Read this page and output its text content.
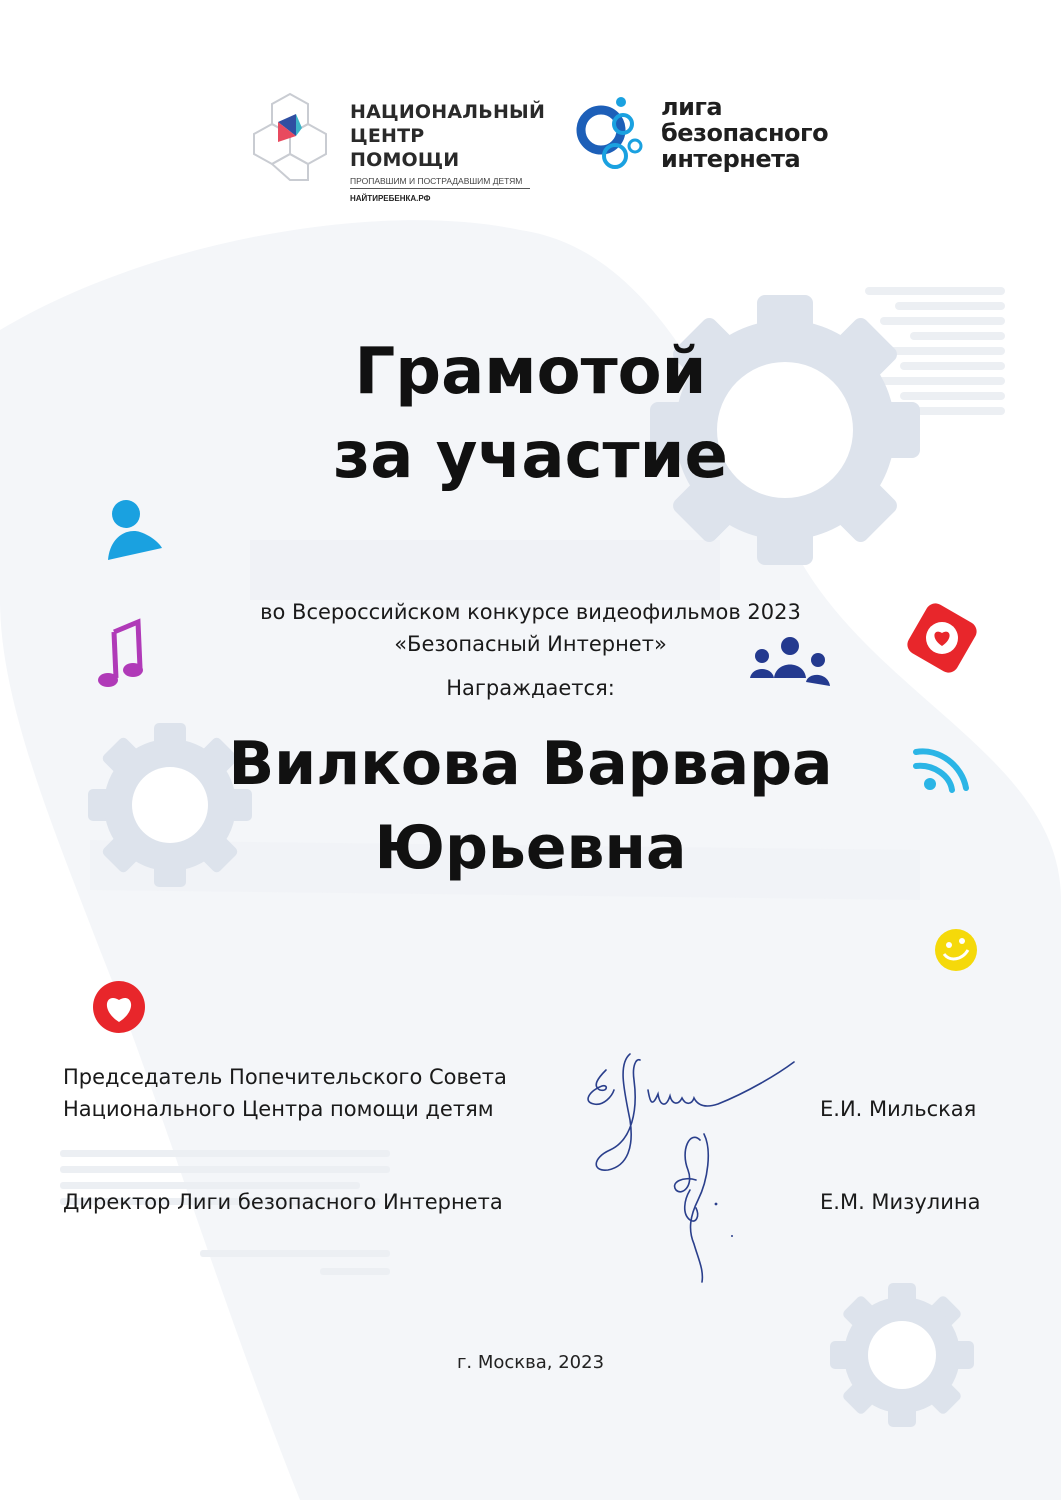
НАЦИОНАЛЬНЫЙ
ЦЕНТР ПОМОЩИ
ПРОПАВШИМ И ПОСТРАДАВШИМ ДЕТЯМ
НАЙТИРЕБЕНКА.РФ
лига
безопасного
интернета
Грамотой
за участие
во Всероссийском конкурсе видеофильмов 2023
«Безопасный Интернет»
Награждается:
Вилкова Варвара
Юрьевна
Председатель Попечительского Совета
Национального Центра помощи детям	Е.И. Мильская
Директор Лиги безопасного Интернета	Е.М. Мизулина
г. Москва, 2023
